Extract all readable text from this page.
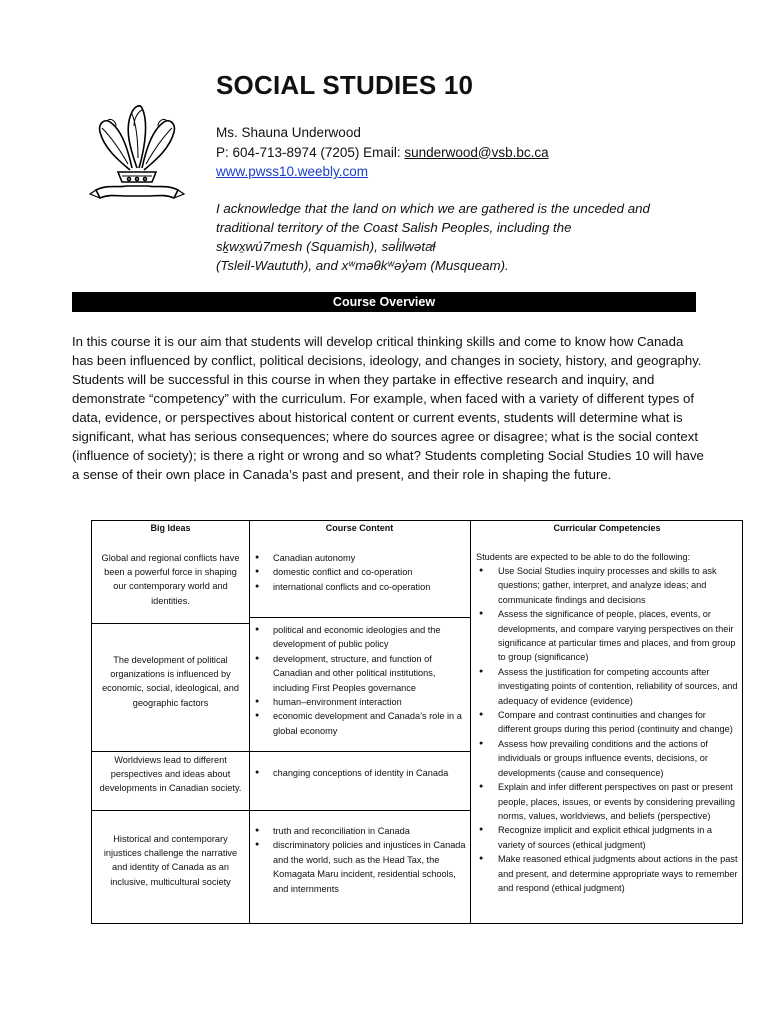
SOCIAL STUDIES 10
Ms. Shauna Underwood
P: 604-713-8974 (7205) Email: sunderwood@vsb.bc.ca
www.pwss10.weebly.com
I acknowledge that the land on which we are gathered is the unceded and
traditional territory of the Coast Salish Peoples, including the
sḵwx̱wú7mesh (Squamish), səl̓ilwətaɬ
(Tsleil-Waututh), and xʷməθkʷəy̓əm (Musqueam).
Course Overview
In this course it is our aim that students will develop critical thinking skills and come to know how Canada has been influenced by conflict, political decisions, ideology, and changes in society, history, and geography. Students will be successful in this course in when they partake in effective research and inquiry, and demonstrate “competency” with the curriculum. For example, when faced with a variety of different types of data, evidence, or perspectives about historical content or current events, students will determine what is significant, what has serious consequences; where do sources agree or disagree; what is the social context (influence of society); is there a right or wrong and so what? Students completing Social Studies 10 will have a sense of their own place in Canada’s past and present, and their role in shaping the future.
Big Ideas	Course Content	Curricular Competencies
Global and regional conflicts have been a powerful force in shaping our contemporary world and identities.
The development of political organizations is influenced by economic, social, ideological, and geographic factors
Worldviews lead to different perspectives and ideas about developments in Canadian society.
Historical and contemporary injustices challenge the narrative and identity of Canada as an inclusive, multicultural society
● Canadian autonomy
● domestic conflict and co-operation
● international conflicts and co-operation
● political and economic ideologies and the development of public policy
● development, structure, and function of Canadian and other political institutions, including First Peoples governance
● human–environment interaction
● economic development and Canada’s role in a global economy
● changing conceptions of identity in Canada
● truth and reconciliation in Canada
● discriminatory policies and injustices in Canada and the world, such as the Head Tax, the Komagata Maru incident, residential schools, and internments
Students are expected to be able to do the following:
● Use Social Studies inquiry processes and skills to ask questions; gather, interpret, and analyze ideas; and communicate findings and decisions
● Assess the significance of people, places, events, or developments, and compare varying perspectives on their significance at particular times and places, and from group to group (significance)
● Assess the justification for competing accounts after investigating points of contention, reliability of sources, and adequacy of evidence (evidence)
● Compare and contrast continuities and changes for different groups during this period (continuity and change)
● Assess how prevailing conditions and the actions of individuals or groups influence events, decisions, or developments (cause and consequence)
● Explain and infer different perspectives on past or present people, places, issues, or events by considering prevailing norms, values, worldviews, and beliefs (perspective)
● Recognize implicit and explicit ethical judgments in a variety of sources (ethical judgment)
● Make reasoned ethical judgments about actions in the past and present, and determine appropriate ways to remember and respond (ethical judgment)
